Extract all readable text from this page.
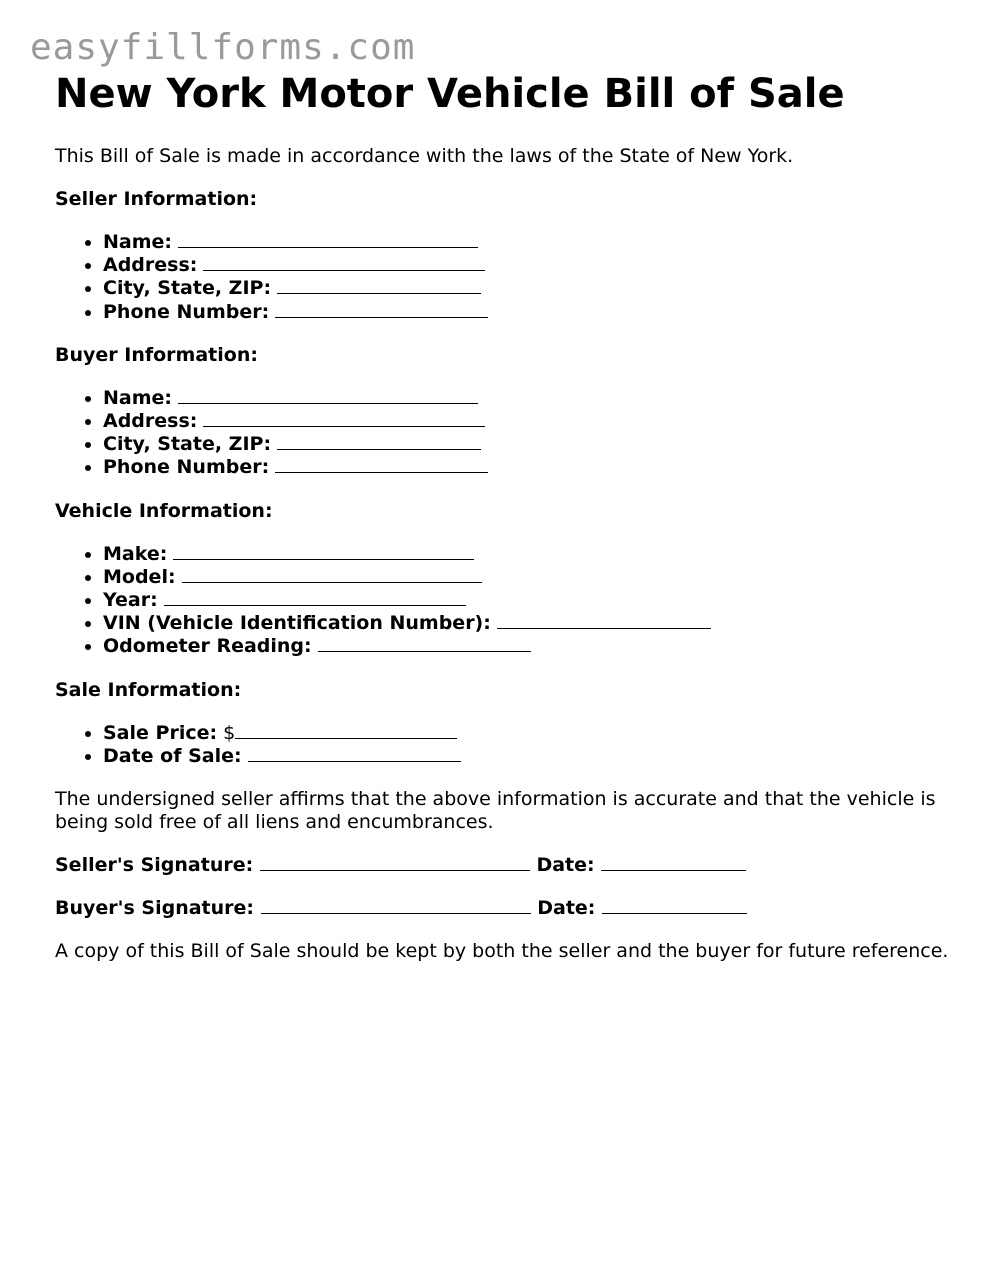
easyfillforms.com
New York Motor Vehicle Bill of Sale

This Bill of Sale is made in accordance with the laws of the State of New York.

Seller Information:

• Name:
• Address:
• City, State, ZIP:
• Phone Number:

Buyer Information:

• Name:
• Address:
• City, State, ZIP:
• Phone Number:

Vehicle Information:

• Make:
• Model:
• Year:
• VIN (Vehicle Identification Number):
• Odometer Reading:

Sale Information:

• Sale Price: $
• Date of Sale:

The undersigned seller affirms that the above information is accurate and that the vehicle is being sold free of all liens and encumbrances.

Seller's Signature:	Date:

Buyer's Signature:	Date:

A copy of this Bill of Sale should be kept by both the seller and the buyer for future reference.
